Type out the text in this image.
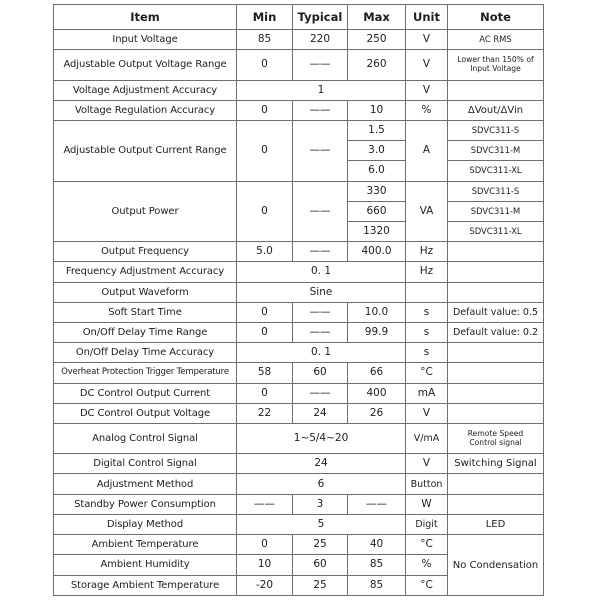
Item	Min	Typical	Max	Unit	Note
Input Voltage	85	220	250	V	AC RMS
Adjustable Output Voltage Range	0	——	260	V	Lower than 150% of
Input Voltage

Voltage Adjustment Accuracy	1			V	
Voltage Regulation Accuracy	0	——	10	%	ΔVout/ΔVin
Adjustable Output Current Range	0	——	1.5	A	SDVC311-S
			3.0		SDVC311-M
			6.0		SDVC311-XL
Output Power	0	——	330	VA	SDVC311-S
			660		SDVC311-M
			1320		SDVC311-XL
Output Frequency	5.0	——	400.0	Hz	
Frequency Adjustment Accuracy	0. 1			Hz	
Output Waveform	Sine				
Soft Start Time	0	——	10.0	s	Default value: 0.5
On/Off Delay Time Range	0	——	99.9	s	Default value: 0.2
On/Off Delay Time Accuracy	0. 1			s	
Overheat Protection Trigger Temperature	58	60	66	°C	
DC Control Output Current	0	——	400	mA	
DC Control Output Voltage	22	24	26	V	
Analog Control Signal	1~5/4~20			V/mA	Remote Speed
Control signal

Digital Control Signal	24			V	Switching Signal
Adjustment Method	6			Button	
Standby Power Consumption	——	3	——	W	
Display Method	5			Digit	LED
Ambient Temperature	0	25	40	°C	No Condensation
Ambient Humidity	10	60	85	%	
Storage Ambient Temperature	-20	25	85	°C	
